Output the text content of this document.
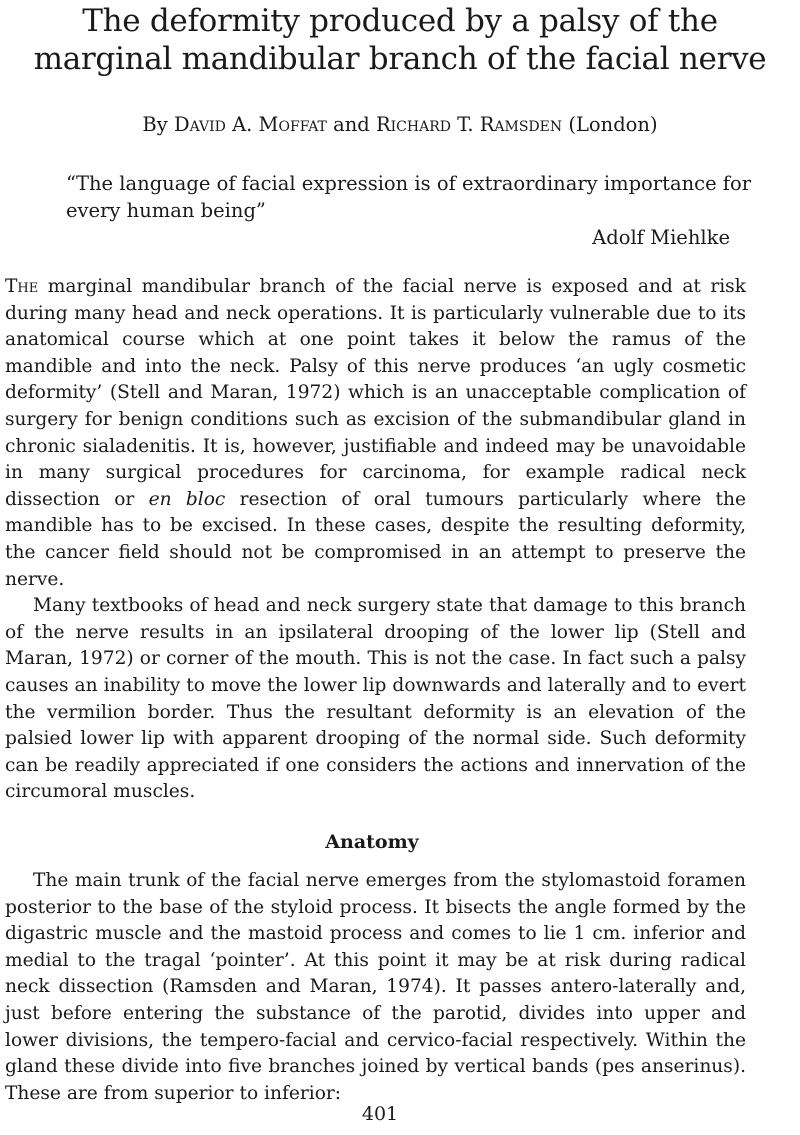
The deformity produced by a palsy of the
marginal mandibular branch of the facial nerve
By David A. Moffat and Richard T. Ramsden (London)
“The language of facial expression is of extraordinary importance for every human being”
Adolf Miehlke

The marginal mandibular branch of the facial nerve is exposed and at risk during many head and neck operations. It is particularly vulnerable due to its anatomical course which at one point takes it below the ramus of the mandible and into the neck. Palsy of this nerve produces ‘an ugly cosmetic deformity’ (Stell and Maran, 1972) which is an unacceptable complication of surgery for benign conditions such as excision of the submandibular gland in chronic sialadenitis. It is, however, justifiable and indeed may be unavoidable in many surgical procedures for carcinoma, for example radical neck dissection or en bloc resection of oral tumours particularly where the mandible has to be excised. In these cases, despite the resulting deformity, the cancer field should not be compromised in an attempt to preserve the nerve.

Many textbooks of head and neck surgery state that damage to this branch of the nerve results in an ipsilateral drooping of the lower lip (Stell and Maran, 1972) or corner of the mouth. This is not the case. In fact such a palsy causes an inability to move the lower lip downwards and laterally and to evert the vermilion border. Thus the resultant deformity is an elevation of the palsied lower lip with apparent drooping of the normal side. Such deformity can be readily appreciated if one considers the actions and innervation of the circumoral muscles.

Anatomy

The main trunk of the facial nerve emerges from the stylomastoid foramen posterior to the base of the styloid process. It bisects the angle formed by the digastric muscle and the mastoid process and comes to lie 1 cm. inferior and medial to the tragal ‘pointer’. At this point it may be at risk during radical neck dissection (Ramsden and Maran, 1974). It passes antero-laterally and, just before entering the substance of the parotid, divides into upper and lower divisions, the tempero-facial and cervico-facial respectively. Within the gland these divide into five branches joined by vertical bands (pes anserinus). These are from superior to inferior:

401
